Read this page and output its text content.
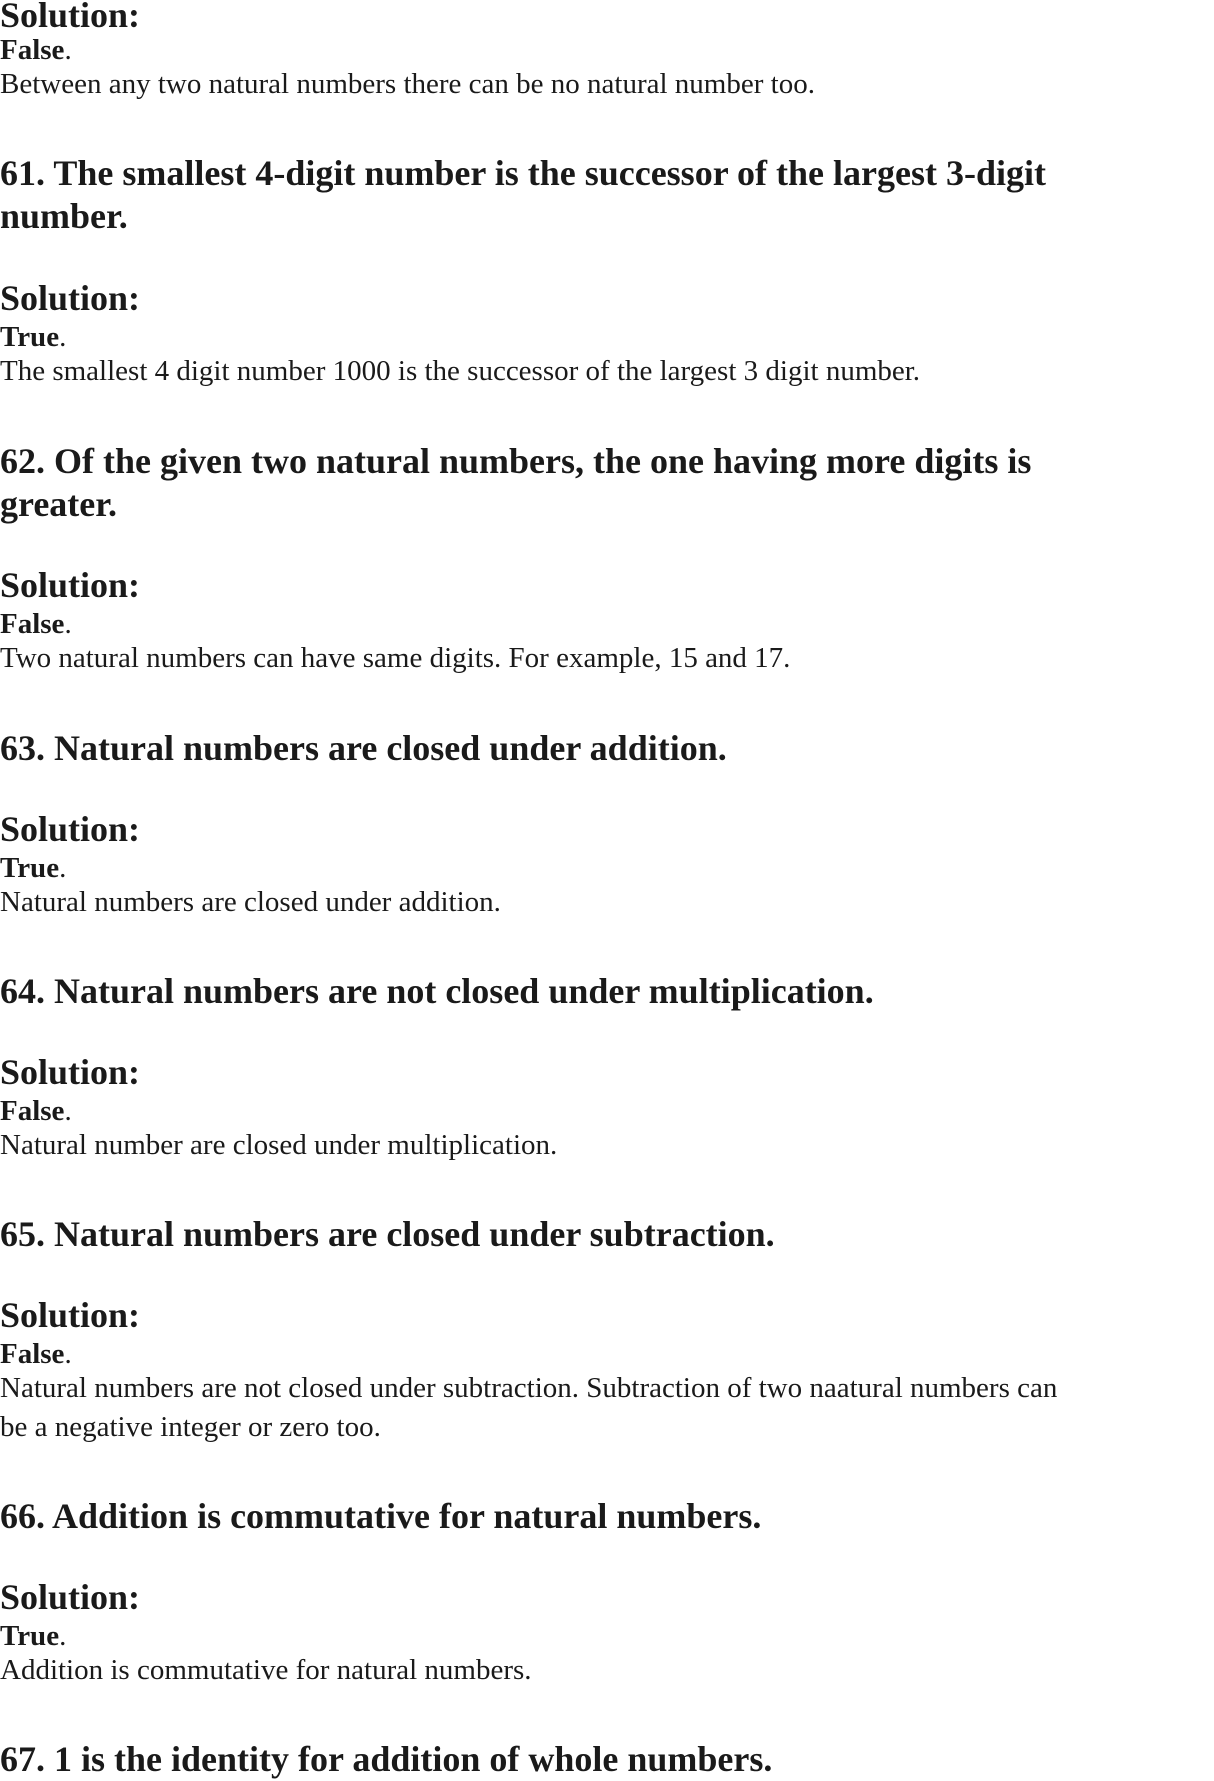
Solution:
False.
Between any two natural numbers there can be no natural number too.
61. The smallest 4-digit number is the successor of the largest 3-digit
number.
Solution:
True.
The smallest 4 digit number 1000 is the successor of the largest 3 digit number.
62. Of the given two natural numbers, the one having more digits is
greater.
Solution:
False.
Two natural numbers can have same digits. For example, 15 and 17.
63. Natural numbers are closed under addition.
Solution:
True.
Natural numbers are closed under addition.
64. Natural numbers are not closed under multiplication.
Solution:
False.
Natural number are closed under multiplication.
65. Natural numbers are closed under subtraction.
Solution:
False.
Natural numbers are not closed under subtraction. Subtraction of two naatural numbers can
be a negative integer or zero too.
66. Addition is commutative for natural numbers.
Solution:
True.
Addition is commutative for natural numbers.
67. 1 is the identity for addition of whole numbers.
